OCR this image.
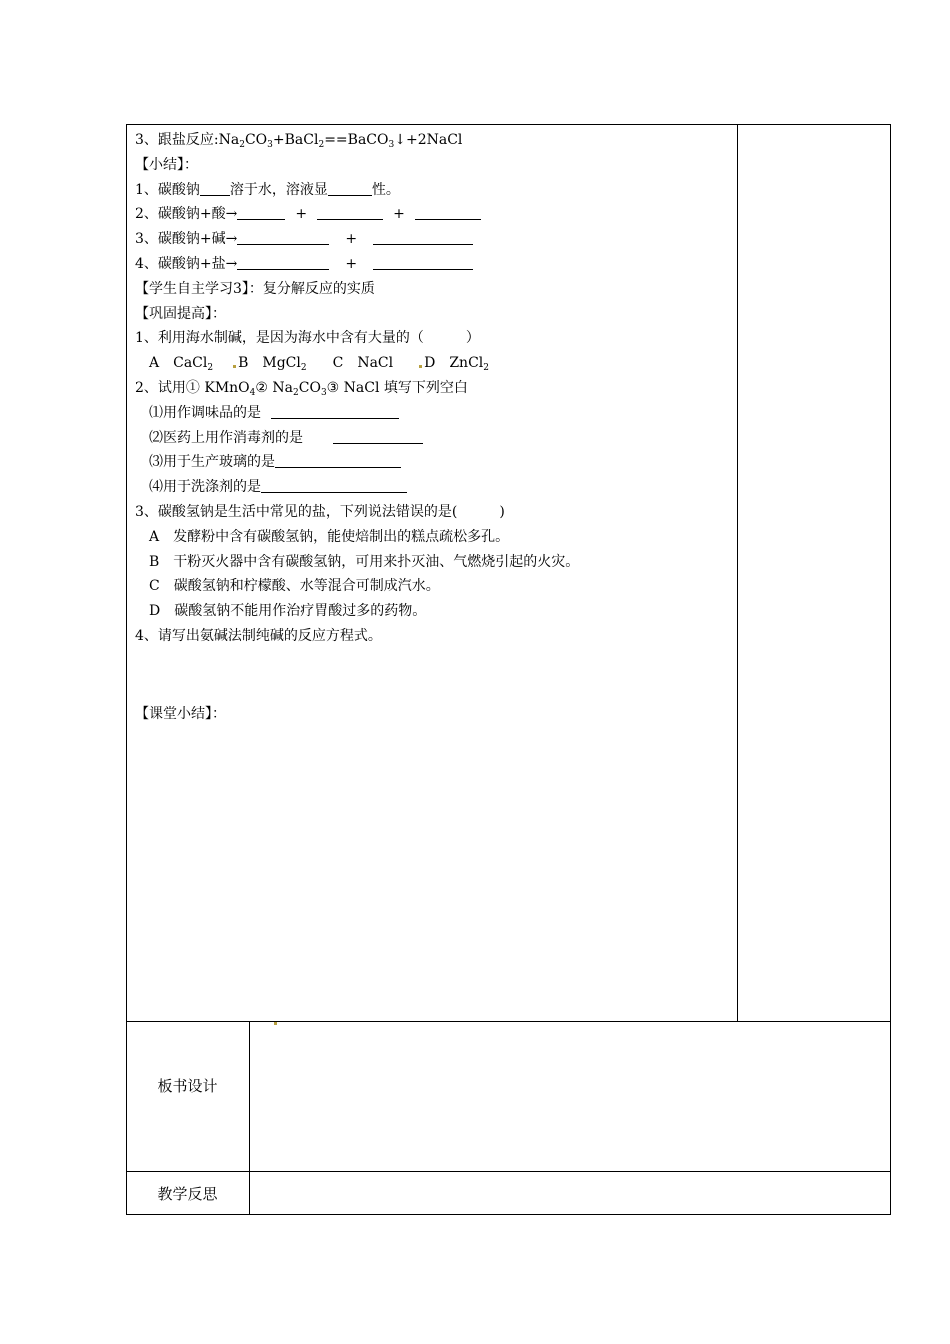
3、跟盐反应$:Na_2CO_3+BaCl_2==BaCO_3↓+2NaCl$
【小结】：
1、碳酸钠 溶于水，溶液显	性。
2、碳酸钠+酸→	+	+
3、碳酸钠+碱→	+
4、碳酸钠+盐→	+
【学生自主学习3】：复分解反应的实质
【巩固提高】：
1、利用海水制碱，是因为海水中含有大量的（　　　）
A　CaCl$_2$ B　MgCl$_2$ C　NaCl D　ZnCl$_2$
2、试用① KMnO$_4$② $Na_2CO_3③$ NaCl 填写下列空白
⑴用作调味品的是
⑵医药上用作消毒剂的是
⑶用于生产玻璃的是
⑷用于洗涤剂的是
3、碳酸氢钠是生活中常见的盐，下列说法错误的是(　　　)
A　发酵粉中含有碳酸氢钠，能使焙制出的糕点疏松多孔。
B　干粉灭火器中含有碳酸氢钠，可用来扑灭油、气燃烧引起的火灾。
C　碳酸氢钠和柠檬酸、水等混合可制成汽水。
D　碳酸氢钠不能用作治疗胃酸过多的药物。
4、请写出氨碱法制纯碱的反应方程式。
【课堂小结】：
板书设计
教学反思
